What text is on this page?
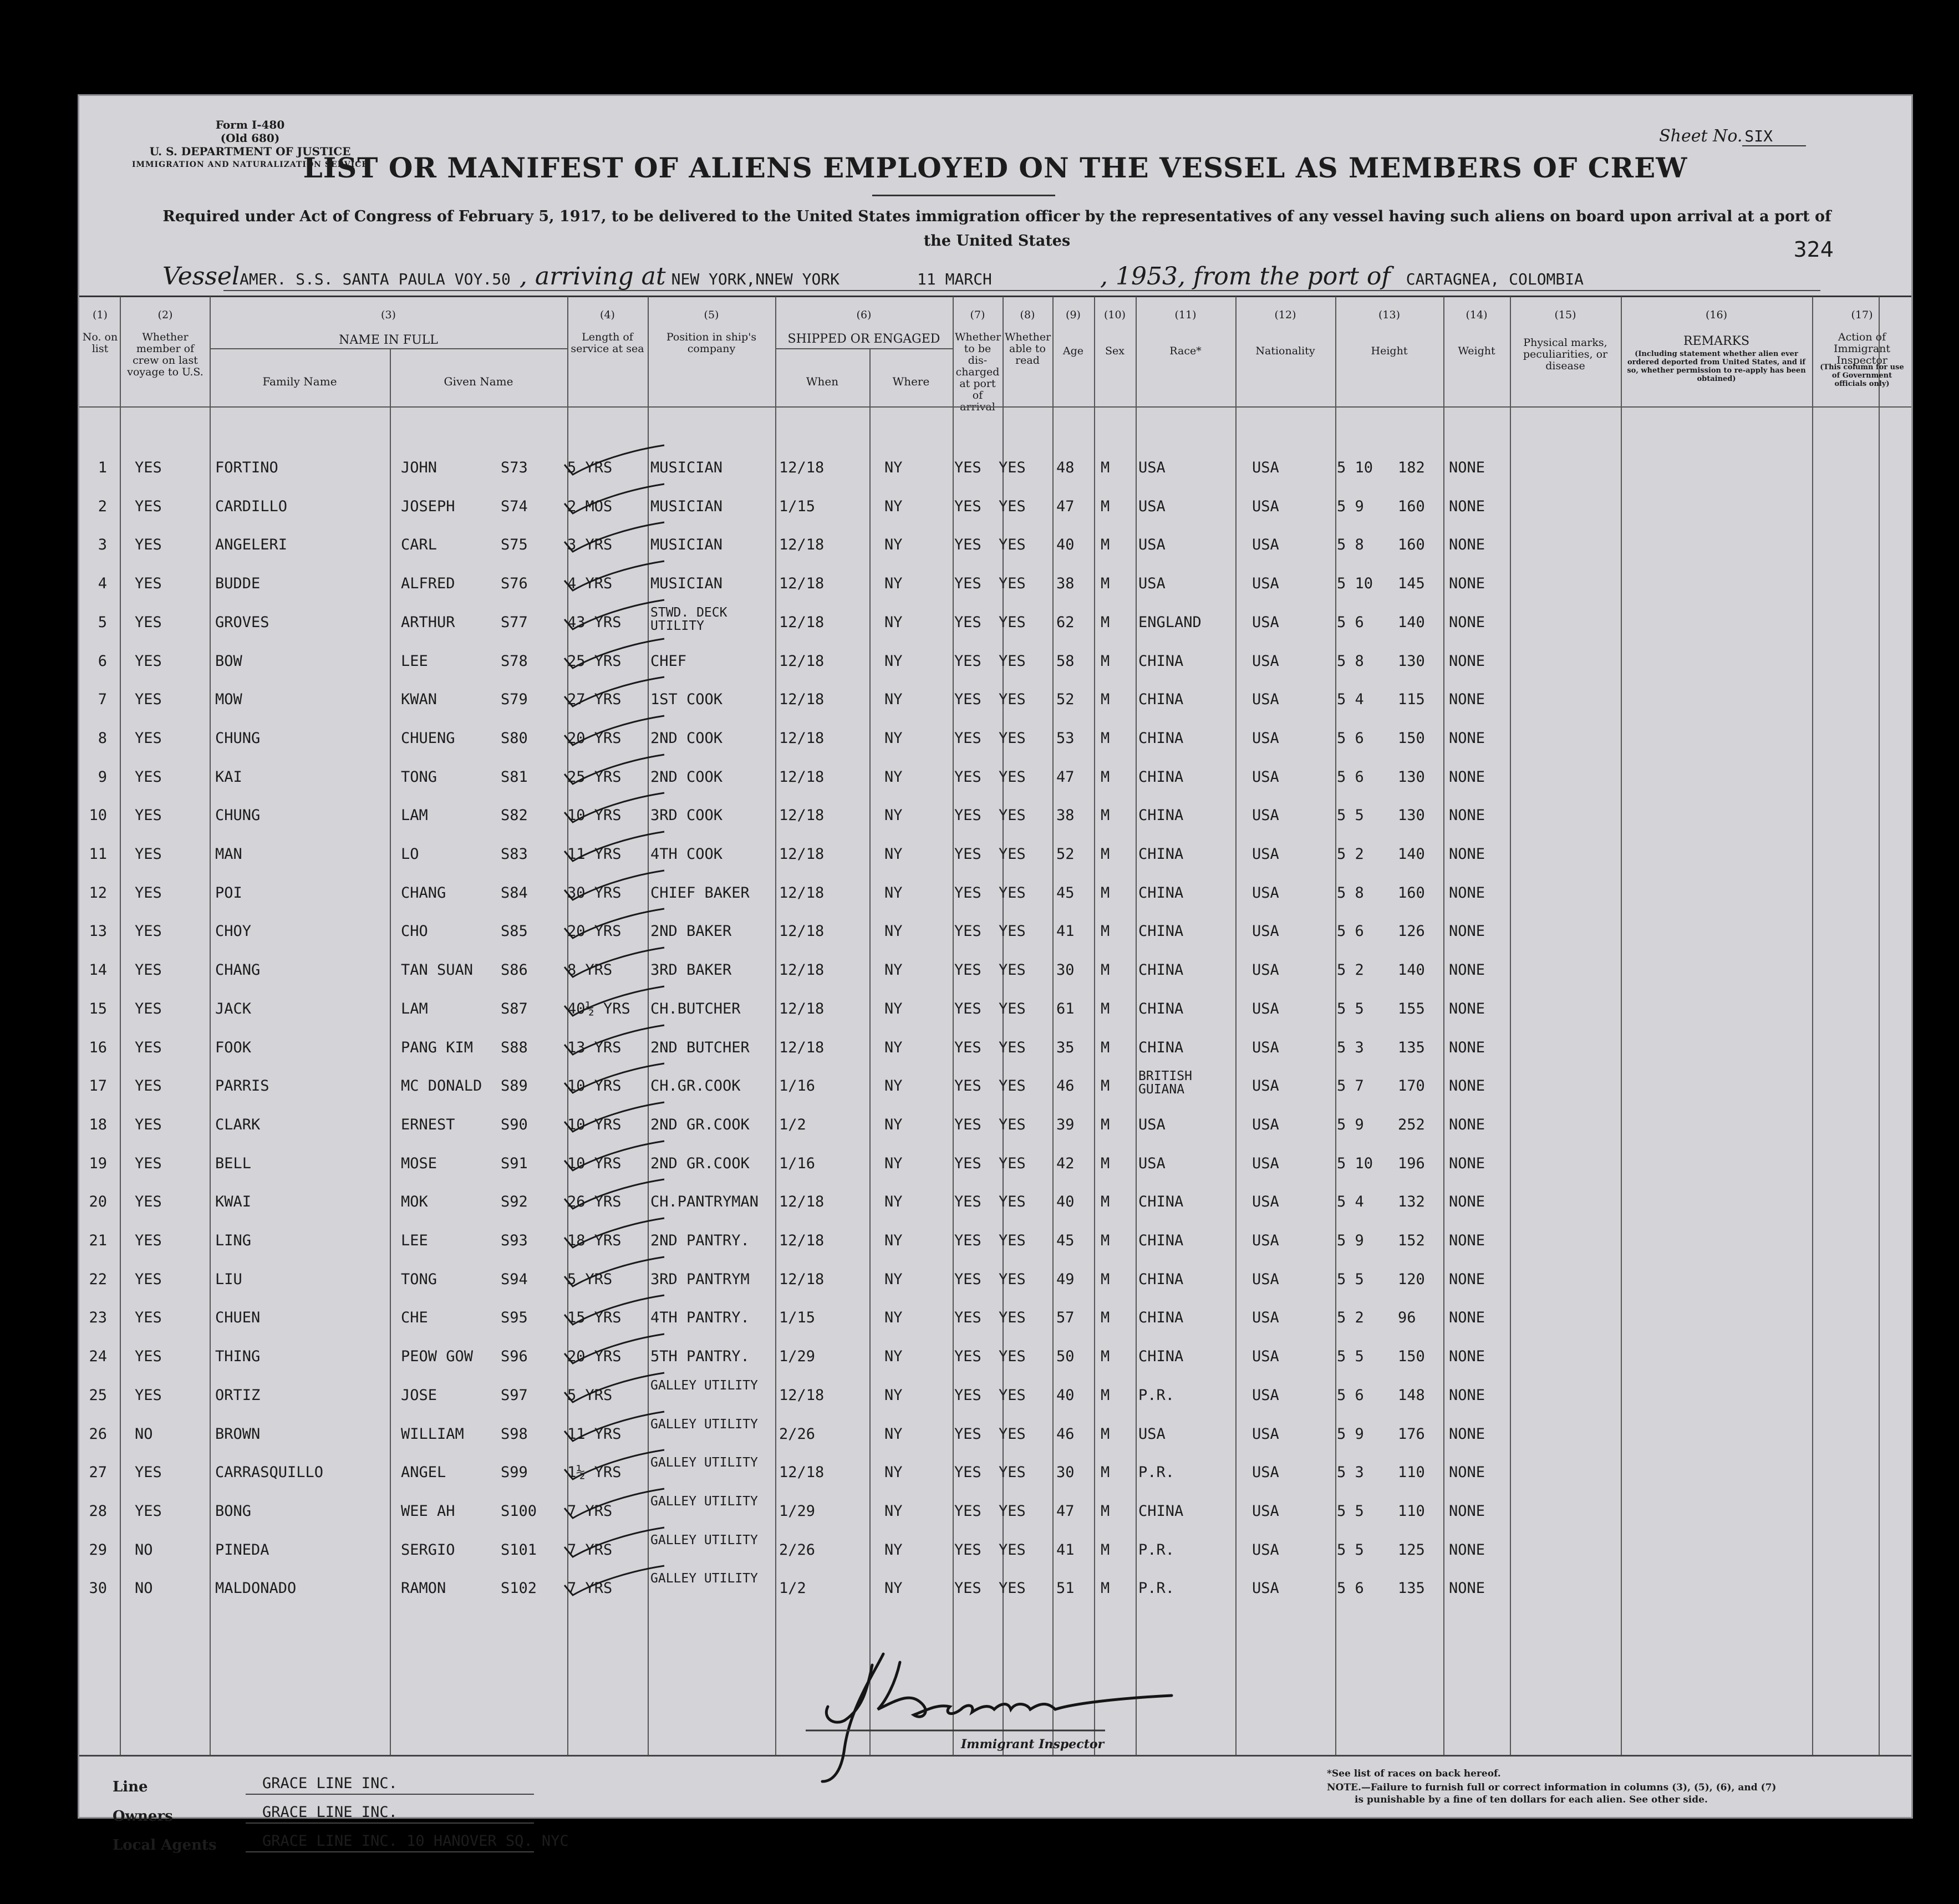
Form I-480
(Old 680)
U. S. DEPARTMENT OF JUSTICE
IMMIGRATION AND NATURALIZATION SERVICE
Sheet No. SIX
LIST OR MANIFEST OF ALIENS EMPLOYED ON THE VESSEL AS MEMBERS OF CREW
Required under Act of Congress of February 5, 1917, to be delivered to the United States immigration officer by the representatives of any vessel having such aliens on board upon arrival at a port of the United States	324
VesselAMER. S.S. SANTA PAULA VOY.50 , arriving at NEW YORK,NNEW YORK	11 MARCH	, 1953, from the port of CARTAGNEA, COLOMBIA
(1)
No. on list
(2)
Whether member of crew on last voyage to U.S.
(3)
NAME IN FULL
(4)
Length of service at sea
(5)
Position in ship's company
(6)
SHIPPED OR ENGAGED
(7)
Whether to be dis-charged at port of arrival
(8)
Whether able to read
(9)
Age
(10)
Sex
(11)
Race*
(12)
Nationality
(13)
Height
(14)
Weight
(15)
Physical marks, peculiarities, or disease
(16)
REMARKS
(17)
Action of Immigrant Inspector
Family Name	Given Name	When	Where
(Including statement whether alien ever ordered deported from United States, and if so, whether permission to re-apply has been obtained)
(This column for use of Government officials only)
1 YES	FORTINO	JOHN	S73	5 YRS	MUSICIAN	12/18	NY	YES YES 48 M USA	USA	5 10 182 NONE
2 YES	CARDILLO	JOSEPH	S74	2 MOS	MUSICIAN	1/15	NY	YES YES 47 M USA	USA	5 9 160 NONE
3 YES	ANGELERI	CARL	S75	3 YRS	MUSICIAN	12/18	NY	YES YES 40 M USA	USA	5 8 160 NONE
4 YES	BUDDE	ALFRED	S76	4 YRS	MUSICIAN	12/18	NY	YES YES 38 M USA	USA	5 10 145 NONE
5 YES	GROVES	ARTHUR	S77	43 YRS
STWD. DECK UTILITY	12/18	NY	YES YES 62 M ENGLAND	USA	5 6 140 NONE
6 YES	BOW	LEE	S78	25 YRS CHEF	12/18	NY	YES YES 58 M CHINA	USA	5 8 130 NONE
7 YES	MOW	KWAN	S79	27 YRS 1ST COOK	12/18	NY	YES YES 52 M CHINA	USA	5 4 115 NONE
8 YES	CHUNG	CHUENG	S80	20 YRS 2ND COOK	12/18	NY	YES YES 53 M CHINA	USA	5 6 150 NONE
9 YES	KAI	TONG	S81	25 YRS 2ND COOK	12/18	NY	YES YES 47 M CHINA	USA	5 6 130 NONE
10 YES	CHUNG	LAM	S82	10 YRS 3RD COOK	12/18	NY	YES YES 38 M CHINA	USA	5 5 130 NONE
11 YES	MAN	LO	S83	11 YRS 4TH COOK	12/18	NY	YES YES 52 M CHINA	USA	5 2 140 NONE
12 YES	POI	CHANG	S84	30 YRS CHIEF BAKER 12/18	NY	YES YES 45 M CHINA	USA	5 8 160 NONE
13 YES	CHOY	CHO	S85	20 YRS 2ND BAKER	12/18	NY	YES YES 41 M CHINA	USA	5 6 126 NONE
14 YES	CHANG	TAN SUAN S86	8 YRS	3RD BAKER	12/18	NY	YES YES 30 M CHINA	USA	5 2 140 NONE
15 YES	JACK	LAM	S87	40½ YRS CH.BUTCHER	12/18	NY	YES YES 61 M CHINA	USA	5 5 155 NONE
16 YES	FOOK	PANG KIM S88	13 YRS 2ND BUTCHER 12/18	NY	YES YES 35 M CHINA	USA	5 3 135 NONE
17 YES	PARRIS	MC DONALD S89	10 YRS CH.GR.COOK	1/16	NY	YES YES 46 M
BRITISH GUIANA	USA	5 7 170 NONE
18 YES	CLARK	ERNEST	S90	10 YRS 2ND GR.COOK 1/2	NY	YES YES 39 M USA	USA	5 9 252 NONE
19 YES	BELL	MOSE	S91	10 YRS 2ND GR.COOK 1/16	NY	YES YES 42 M USA	USA	5 10 196 NONE
20 YES	KWAI	MOK	S92	26 YRS CH.PANTRYMAN 12/18	NY	YES YES 40 M CHINA	USA	5 4 132 NONE
21 YES	LING	LEE	S93	18 YRS 2ND PANTRY. 12/18	NY	YES YES 45 M CHINA	USA	5 9 152 NONE
22 YES	LIU	TONG	S94	5 YRS	3RD PANTRYM 12/18	NY	YES YES 49 M CHINA	USA	5 5 120 NONE
23 YES	CHUEN	CHE	S95	15 YRS 4TH PANTRY. 1/15	NY	YES YES 57 M CHINA	USA	5 2 96 NONE
24 YES	THING	PEOW GOW S96	20 YRS 5TH PANTRY. 1/29	NY	YES YES 50 M CHINA	USA	5 5 150 NONE
25 YES	ORTIZ	JOSE	S97	5 YRS
GALLEY UTILITY
12/18	NY	YES YES 40 M P.R.	USA	5 6 148 NONE
26 NO	BROWN	WILLIAM S98	11 YRS
GALLEY UTILITY
2/26	NY	YES YES 46 M USA	USA	5 9 176 NONE
27 YES	CARRASQUILLO	ANGEL	S99	1½ YRS
GALLEY UTILITY
12/18	NY	YES YES 30 M P.R.	USA	5 3 110 NONE
28 YES	BONG	WEE AH	S100 7 YRS
GALLEY UTILITY
1/29	NY	YES YES 47 M CHINA	USA	5 5 110 NONE
29 NO	PINEDA	SERGIO	S101 7 YRS
GALLEY UTILITY
2/26	NY	YES YES 41 M P.R.	USA	5 5 125 NONE
30 NO	MALDONADO	RAMON	S102 7 YRS
GALLEY UTILITY
1/2	NY	YES YES 51 M P.R.	USA	5 6 135 NONE
Line	GRACE LINE INC.
Owners	GRACE LINE INC.
Local Agents	GRACE LINE INC. 10 HANOVER SQ. NYC
Immigrant Inspector
*See list of races on back hereof.
NOTE.—Failure to furnish full or correct information in columns (3), (5), (6), and (7)
is punishable by a fine of ten dollars for each alien. See other side.
